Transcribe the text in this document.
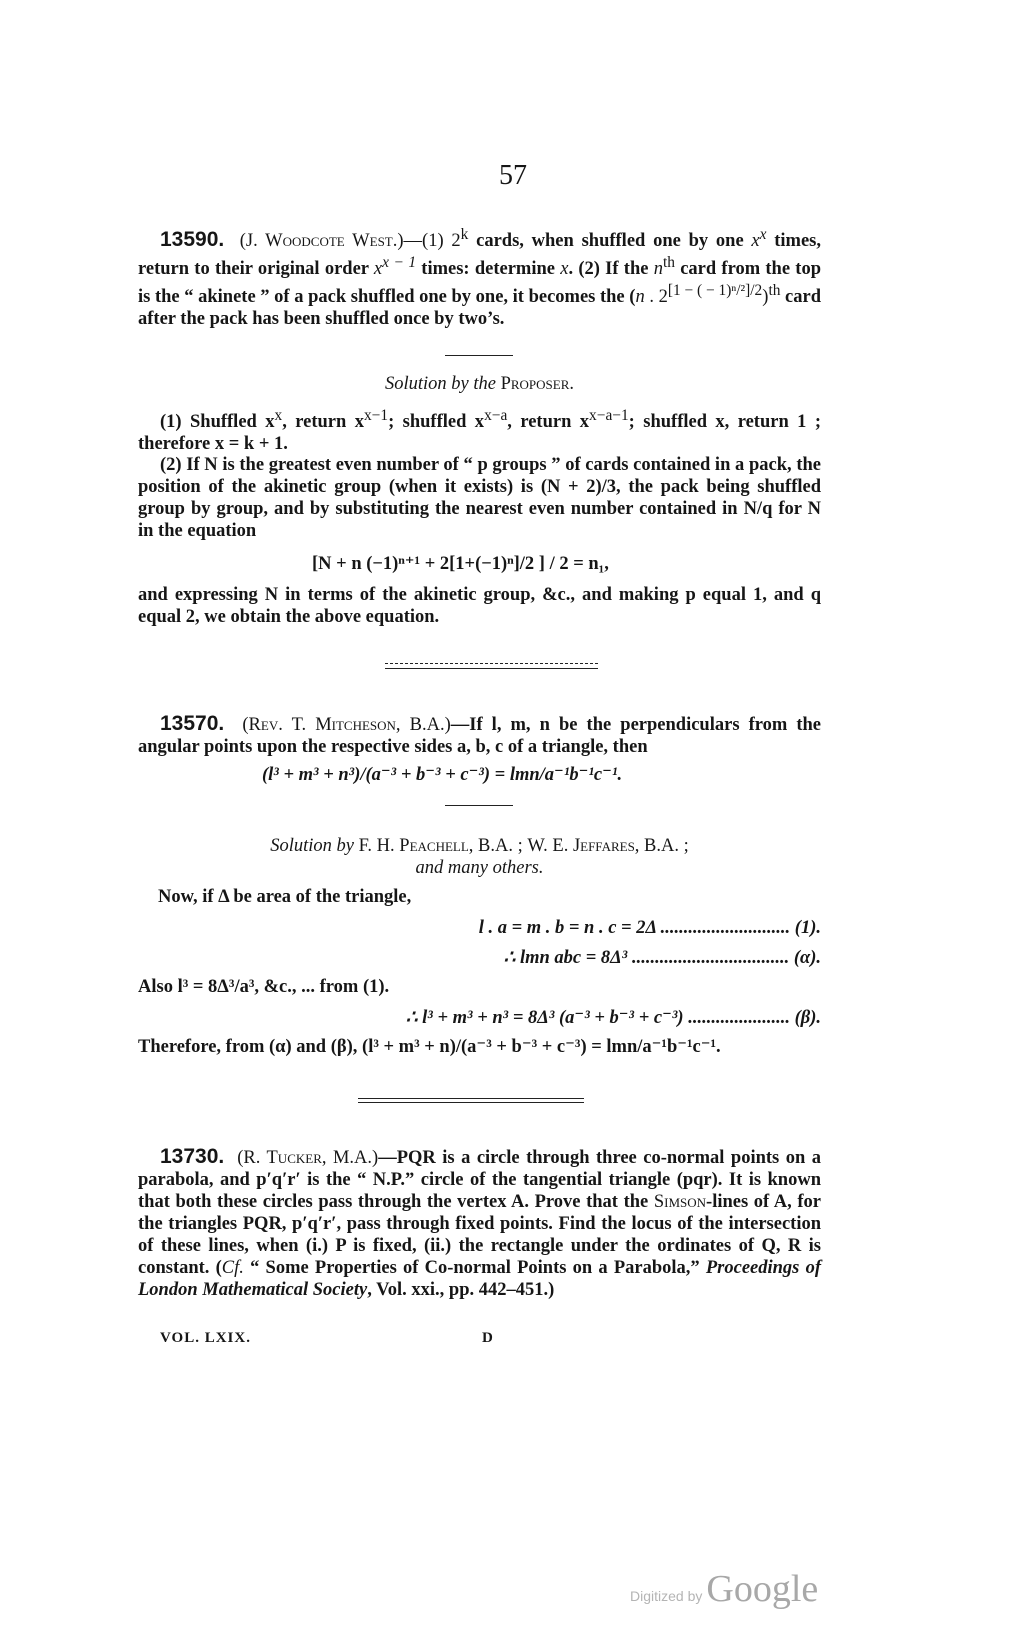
57

13590. (J. Woodcote West.)—(1) 2$^k$ cards, when shuffled one by one $x^x$ times, return to their original order $x^{x - 1}$ times: determine x. (2) If the $n^{th}$ card from the top is the “ akinete ” of a pack shuffled one by one, it becomes the (n . $2^{[1 - ( - 1)^n/^2]/2})^{th}$ card after the pack has been shuffled once by two’s.

Solution by the Proposer.

(1) Shuffled $x^x$, return $x^{x-1}$; shuffled $x^{x-a}$, return $x^{x-a-1}$; shuffled x, return 1 ; therefore x = k + 1.

(2) If N is the greatest even number of “ p groups ” of cards contained in a pack, the position of the akinetic group (when it exists) is (N + 2)/3, the pack being shuffled group by group, and by substituting the nearest even number contained in N/q for N in the equation

[N + n (−1)ⁿ⁺¹ + 2[1+(−1)ⁿ]/2 ] / 2 = n₁,

and expressing N in terms of the akinetic group, &c., and making p equal 1, and q equal 2, we obtain the above equation.

13570. (Rev. T. Mitcheson, B.A.)—If l, m, n be the perpendiculars from the angular points upon the respective sides a, b, c of a triangle, then

(l³ + m³ + n³)/(a⁻³ + b⁻³ + c⁻³) = lmn/a⁻¹b⁻¹c⁻¹.
Solution by F. H. Peachell, B.A. ; W. E. Jeffares, B.A. ;
and many others.
Now, if Δ be area of the triangle,
l . a = m . b = n . c = 2Δ ............................ (1).
∴ lmn abc = 8Δ³ .................................. (α).
Also l³ = 8Δ³/a³, &c., ... from (1).
∴ l³ + m³ + n³ = 8Δ³ (a⁻³ + b⁻³ + c⁻³) ...................... (β).
Therefore, from (α) and (β), (l³ + m³ + n)/(a⁻³ + b⁻³ + c⁻³) = lmn/a⁻¹b⁻¹c⁻¹.

13730. (R. Tucker, M.A.)—PQR is a circle through three co-normal points on a parabola, and p′q′r′ is the “ N.P.” circle of the tangential triangle (pqr). It is known that both these circles pass through the vertex A. Prove that the Simson-lines of A, for the triangles PQR, p′q′r′, pass through fixed points. Find the locus of the intersection of these lines, when (i.) P is fixed, (ii.) the rectangle under the ordinates of Q, R is constant. (Cf. “ Some Properties of Co-normal Points on a Parabola,” Proceedings of London Mathematical Society, Vol. xxi., pp. 442–451.)

VOL. LXIX.	D
Digitized by Google
